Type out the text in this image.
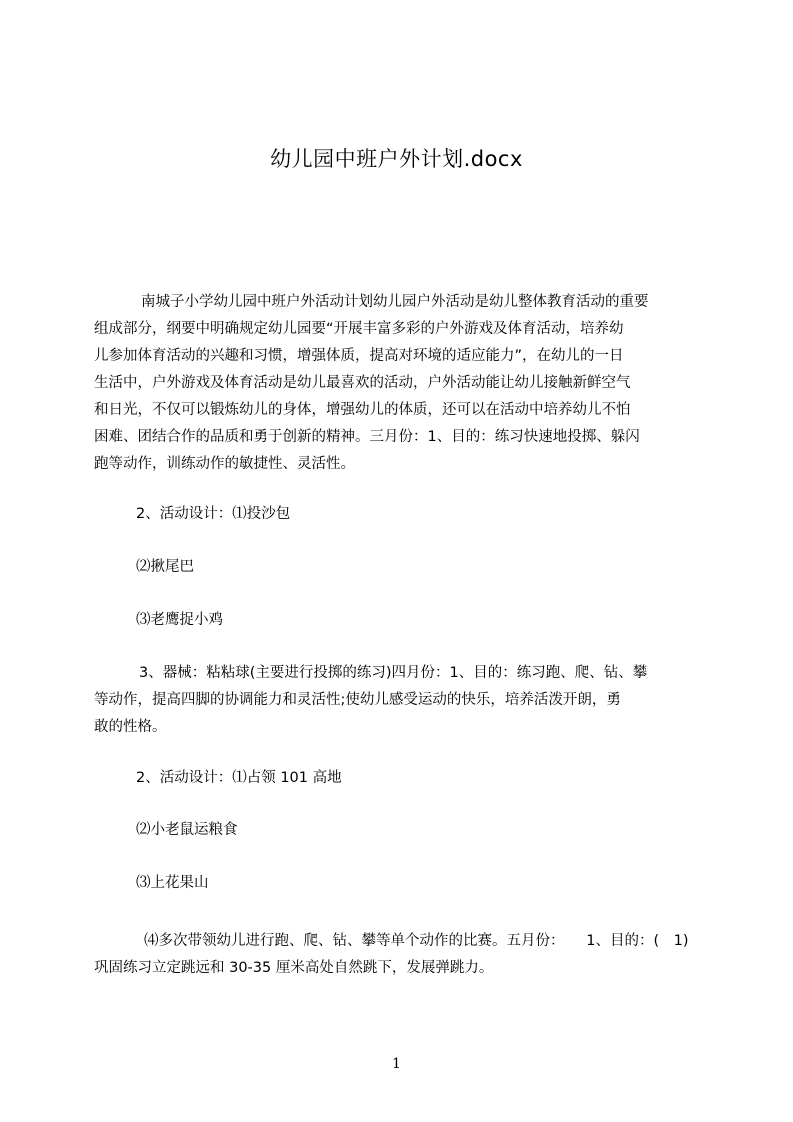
幼儿园中班户外计划.docx
南城子小学幼儿园中班户外活动计划幼儿园户外活动是幼儿整体教育活动的重要
组成部分，纲要中明确规定幼儿园要“开展丰富多彩的户外游戏及体育活动，培养幼
儿参加体育活动的兴趣和习惯，增强体质，提高对环境的适应能力”，在幼儿的一日
生活中，户外游戏及体育活动是幼儿最喜欢的活动，户外活动能让幼儿接触新鲜空气
和日光，不仅可以锻炼幼儿的身体，增强幼儿的体质，还可以在活动中培养幼儿不怕
困难、团结合作的品质和勇于创新的精神。三月份：1、目的：练习快速地投掷、躲闪
跑等动作，训练动作的敏捷性、灵活性。
2、活动设计：⑴投沙包
⑵揪尾巴
⑶老鹰捉小鸡
3、器械：粘粘球(主要进行投掷的练习)四月份：1、目的：练习跑、爬、钻、攀
等动作，提高四脚的协调能力和灵活性;使幼儿感受运动的快乐，培养活泼开朗，勇
敢的性格。
2、活动设计：⑴占领 101 高地
⑵小老鼠运粮食
⑶上花果山
⑷多次带领幼儿进行跑、爬、钻、攀等单个动作的比赛。五月份：　　1、目的：(　1)
巩固练习立定跳远和 30-35 厘米高处自然跳下，发展弹跳力。
1
